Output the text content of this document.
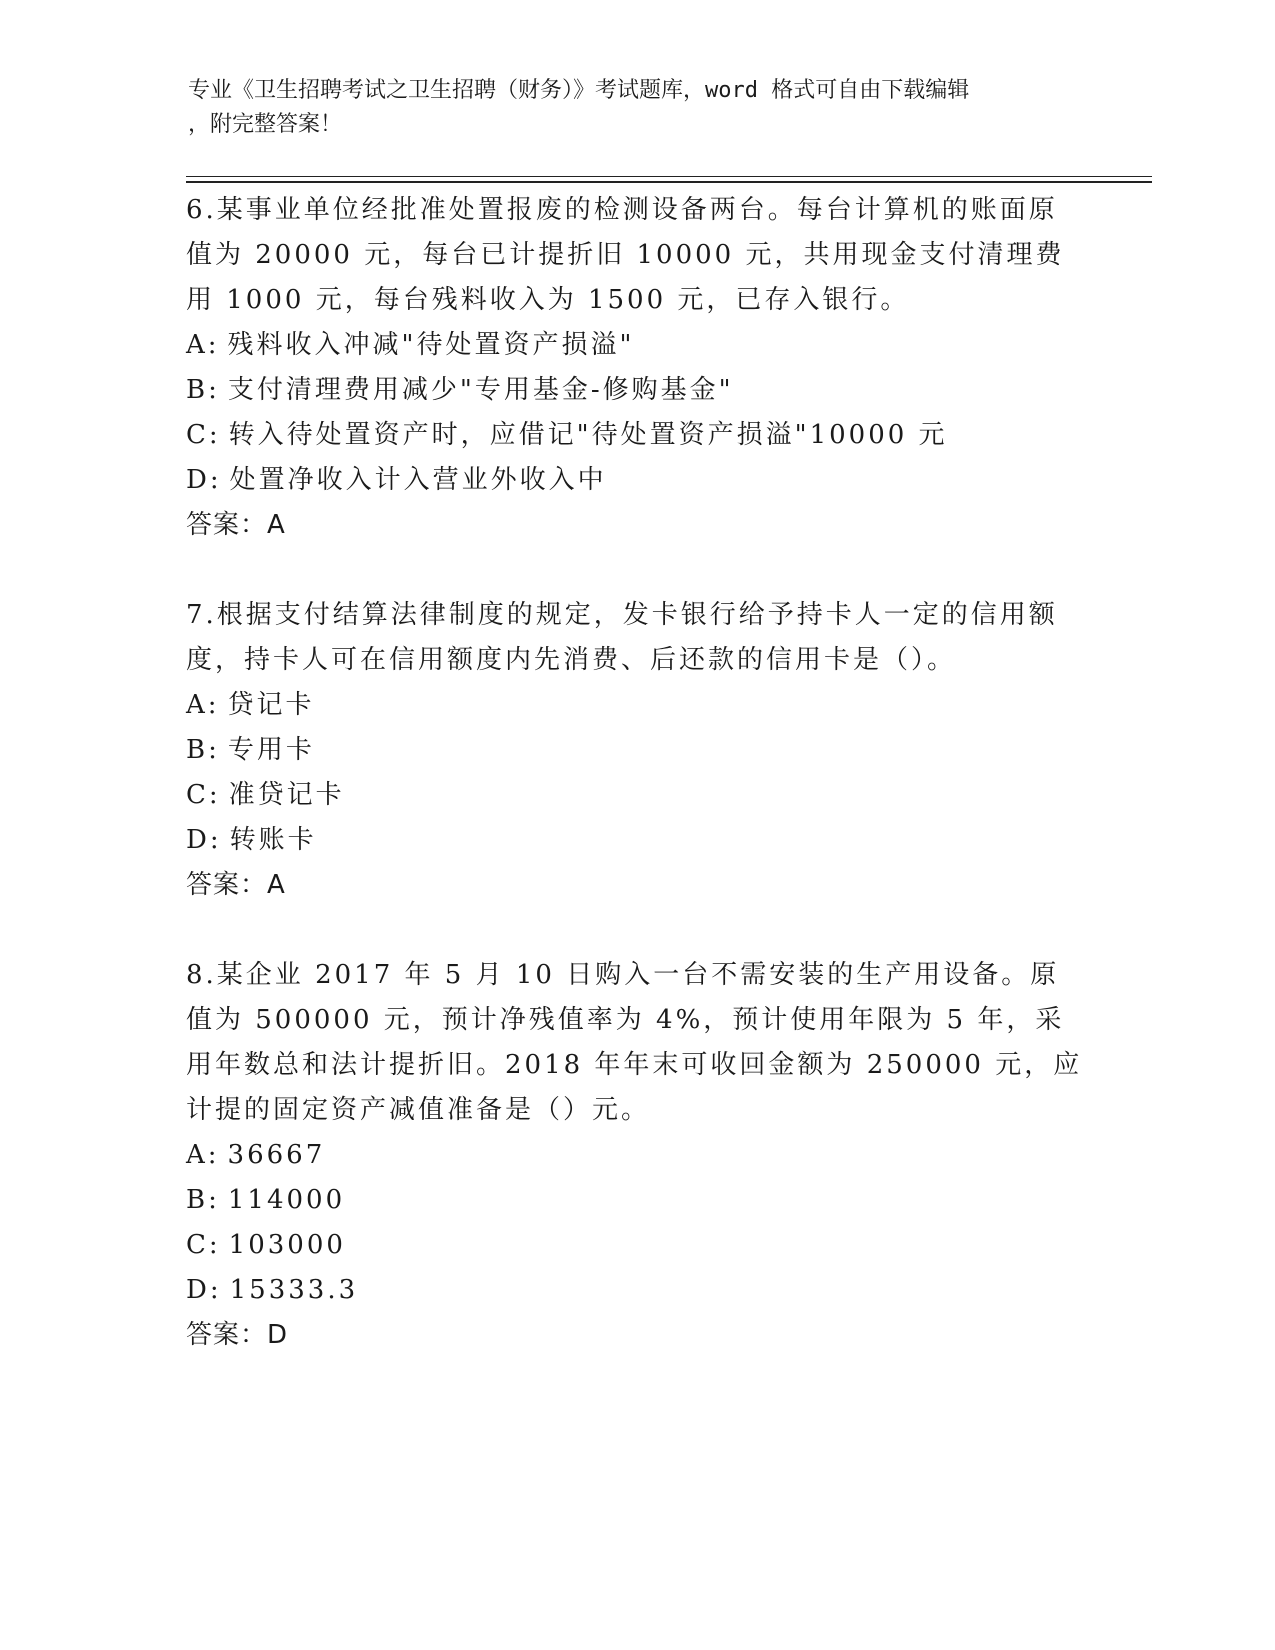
专业《卫生招聘考试之卫生招聘（财务）》考试题库，word 格式可自由下载编辑
，附完整答案！
6.某事业单位经批准处置报废的检测设备两台。每台计算机的账面原值为 20000 元，每台已计提折旧 10000 元，共用现金支付清理费用 1000 元，每台残料收入为 1500 元，已存入银行。
A: 残料收入冲减"待处置资产损溢"
B: 支付清理费用减少"专用基金-修购基金"
C: 转入待处置资产时，应借记"待处置资产损溢"10000 元
D: 处置净收入计入营业外收入中
答案：A
7.根据支付结算法律制度的规定，发卡银行给予持卡人一定的信用额度，持卡人可在信用额度内先消费、后还款的信用卡是（）。
A: 贷记卡
B: 专用卡
C: 准贷记卡
D: 转账卡
答案：A
8.某企业 2017 年 5 月 10 日购入一台不需安装的生产用设备。原值为 500000 元，预计净残值率为 4%，预计使用年限为 5 年，采用年数总和法计提折旧。2018 年年末可收回金额为 250000 元，应计提的固定资产减值准备是（）元。
A: 36667
B: 114000
C: 103000
D: 15333.3
答案：D
